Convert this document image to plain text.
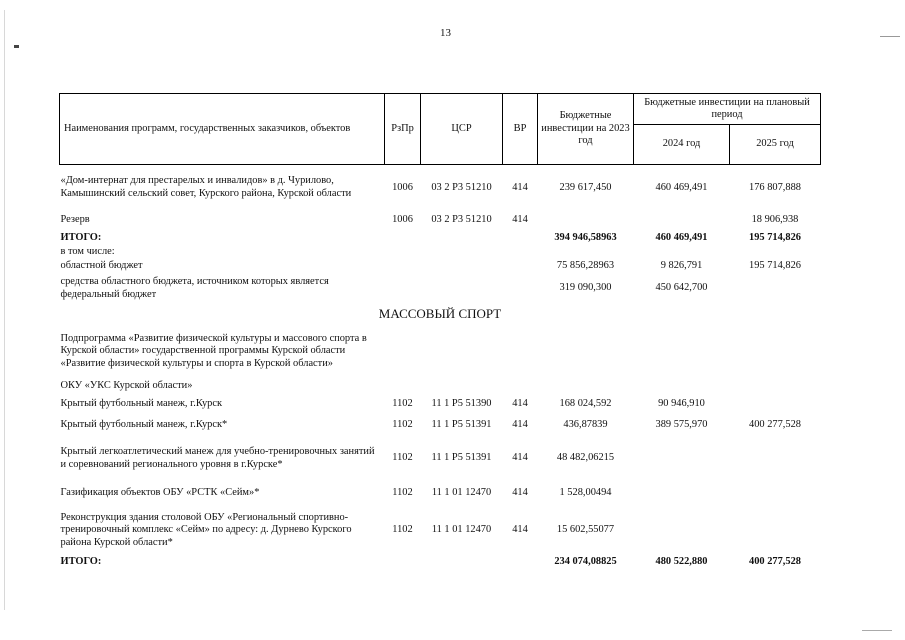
13
Наименования программ, государственных заказчиков, объектов	РзПр	ЦСР	ВР	Бюджетные инвестиции на 2023 год	Бюджетные инвестиции на плановый период	
					2024 год	2025 год
«Дом-интернат для престарелых и инвалидов» в д. Чурилово, Камышинский сельский совет, Курского района, Курской области	1006	03 2 Р3 51210	414	239 617,450	460 469,491	176 807,888
Резерв	1006	03 2 Р3 51210	414			18 906,938
ИТОГО:				394 946,58963	460 469,491	195 714,826
в том числе:						
областной бюджет				75 856,28963	9 826,791	195 714,826
средства областного бюджета, источником которых является федеральный бюджет				319 090,300	450 642,700	
МАССОВЫЙ СПОРТ						
Подпрограмма «Развитие физической культуры и массового спорта в Курской области» государственной программы Курской области «Развитие физической культуры и спорта в Курской области»						
ОКУ «УКС Курской области»						
Крытый футбольный манеж, г.Курск	1102	11 1 Р5 51390	414	168 024,592	90 946,910	
Крытый футбольный манеж, г.Курск*	1102	11 1 Р5 51391	414	436,87839	389 575,970	400 277,528
Крытый легкоатлетический манеж для учебно-тренировочных занятий и соревнований регионального уровня в г.Курске*	1102	11 1 Р5 51391	414	48 482,06215		
Газификация объектов ОБУ «РСТК «Сейм»*	1102	11 1 01 12470	414	1 528,00494		
Реконструкция здания столовой ОБУ «Региональный спортивно-тренировочный комплекс «Сейм» по адресу: д. Дурнево Курского района Курской области*	1102	11 1 01 12470	414	15 602,55077		
ИТОГО:				234 074,08825	480 522,880	400 277,528
